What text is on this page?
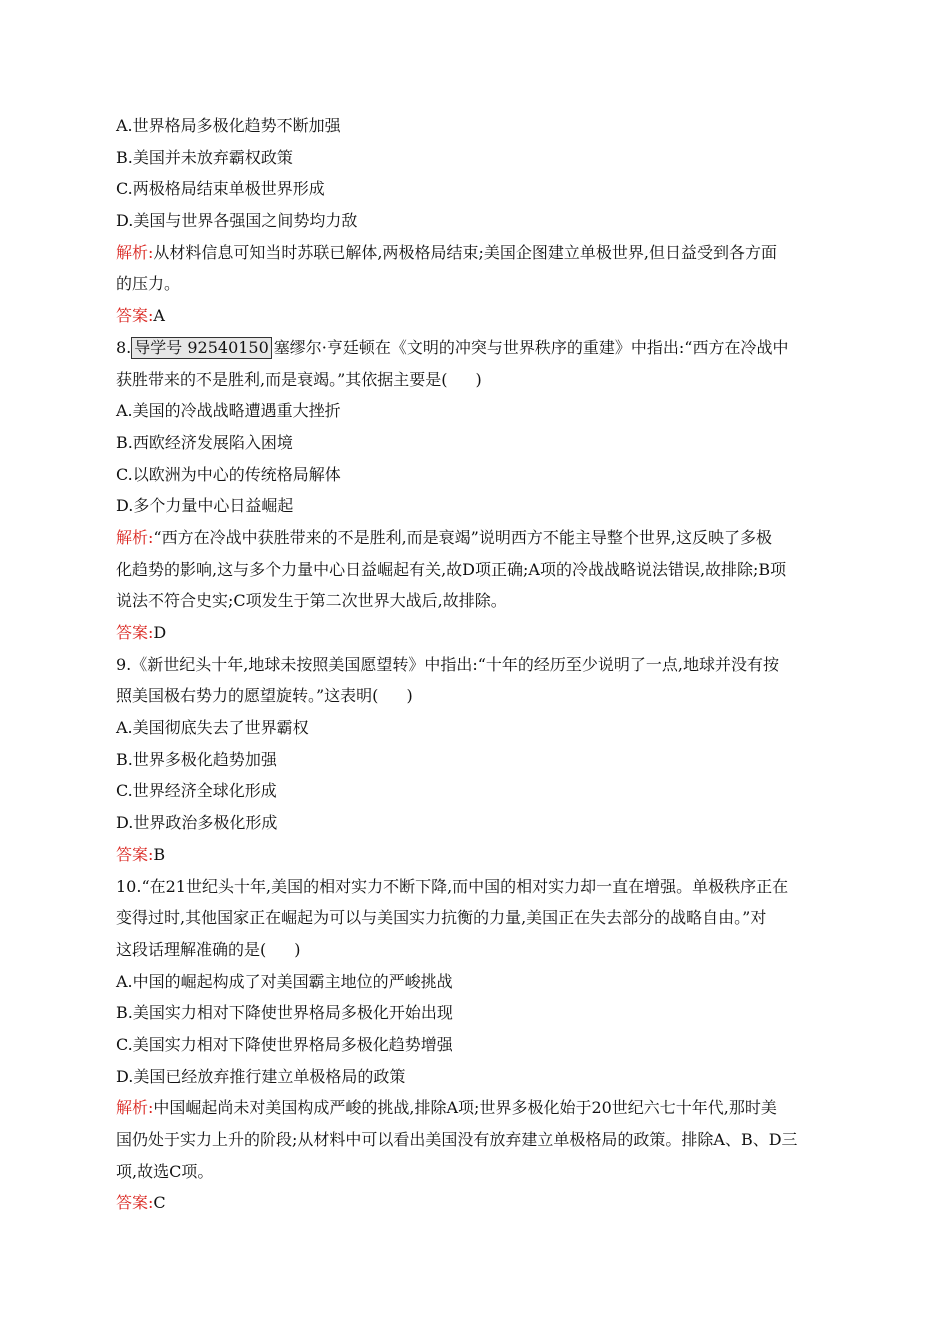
A.世界格局多极化趋势不断加强
B.美国并未放弃霸权政策
C.两极格局结束单极世界形成
D.美国与世界各强国之间势均力敌
解析:从材料信息可知当时苏联已解体,两极格局结束;美国企图建立单极世界,但日益受到各方面
的压力。
答案:A
8. 导学号 92540150 塞缪尔·亨廷顿在《文明的冲突与世界秩序的重建》中指出:“西方在冷战中
获胜带来的不是胜利,而是衰竭。”其依据主要是( )
A.美国的冷战战略遭遇重大挫折
B.西欧经济发展陷入困境
C.以欧洲为中心的传统格局解体
D.多个力量中心日益崛起
解析:“西方在冷战中获胜带来的不是胜利,而是衰竭”说明西方不能主导整个世界,这反映了多极
化趋势的影响,这与多个力量中心日益崛起有关,故D项正确;A项的冷战战略说法错误,故排除;B项
说法不符合史实;C项发生于第二次世界大战后,故排除。
答案:D
9.《新世纪头十年,地球未按照美国愿望转》中指出:“十年的经历至少说明了一点,地球并没有按
照美国极右势力的愿望旋转。”这表明( )
A.美国彻底失去了世界霸权
B.世界多极化趋势加强
C.世界经济全球化形成
D.世界政治多极化形成
答案:B
10.“在21世纪头十年,美国的相对实力不断下降,而中国的相对实力却一直在增强。单极秩序正在
变得过时,其他国家正在崛起为可以与美国实力抗衡的力量,美国正在失去部分的战略自由。”对
这段话理解准确的是( )
A.中国的崛起构成了对美国霸主地位的严峻挑战
B.美国实力相对下降使世界格局多极化开始出现
C.美国实力相对下降使世界格局多极化趋势增强
D.美国已经放弃推行建立单极格局的政策
解析:中国崛起尚未对美国构成严峻的挑战,排除A项;世界多极化始于20世纪六七十年代,那时美
国仍处于实力上升的阶段;从材料中可以看出美国没有放弃建立单极格局的政策。排除A、B、D三
项,故选C项。
答案:C
